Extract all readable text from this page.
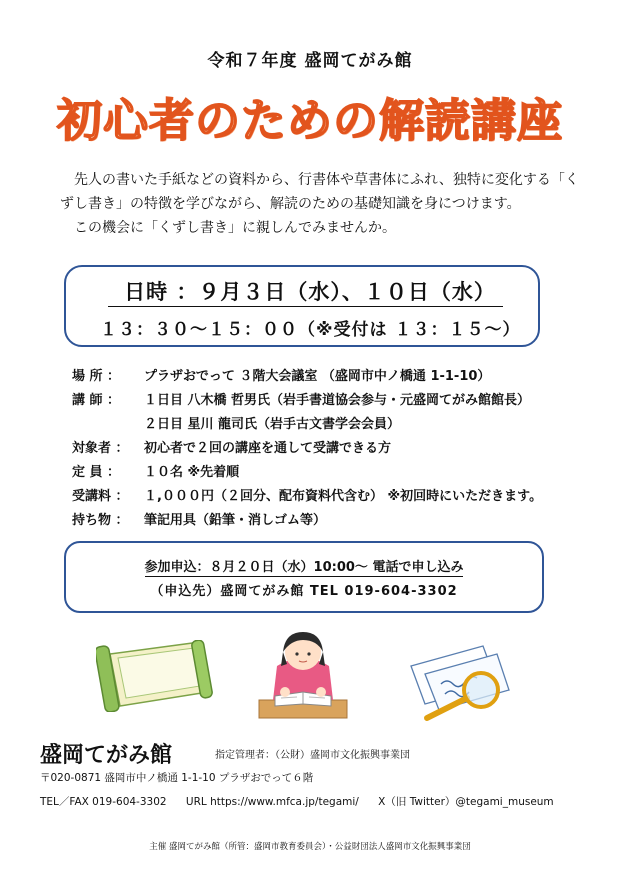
令和７年度 盛岡てがみ館
初心者のための解読講座

先人の書いた手紙などの資料から、行書体や草書体にふれ、独特に変化する「くずし書き」の特徴を学びながら、解読のための基礎知識を身につけます。

この機会に「くずし書き」に親しんでみませんか。

日時 ：９月３日（水）、１０日（水）
１３：３０～１５：００（※受付は １３：１５～）
場 所 ：	プラザおでって ３階大会議室 （盛岡市中ノ橋通 1-1-10）
講 師 ：	１日目 八木橋 哲男氏（岩手書道協会参与・元盛岡てがみ館館長）
２日目 星川 龍司氏（岩手古文書学会会員）
対象者 ：	初心者で２回の講座を通して受講できる方
定 員 ：	１０名 ※先着順
受講料 ：	１,０００円（２回分、配布資料代含む） ※初回時にいただきます。
持ち物 ：	筆記用具（鉛筆・消しゴム等）
参加申込：８月２０日（水）10:00～ 電話で申し込み
（申込先）盛岡てがみ館 TEL 019-604-3302
盛岡てがみ館	指定管理者：（公財）盛岡市文化振興事業団
〒020-0871 盛岡市中ノ橋通 1-1-10 プラザおでって６階
TEL／FAX 019-604-3302 URL https://www.mfca.jp/tegami/ X（旧 Twitter）@tegami_museum
主催 盛岡てがみ館（所管：盛岡市教育委員会）・公益財団法人盛岡市文化振興事業団
